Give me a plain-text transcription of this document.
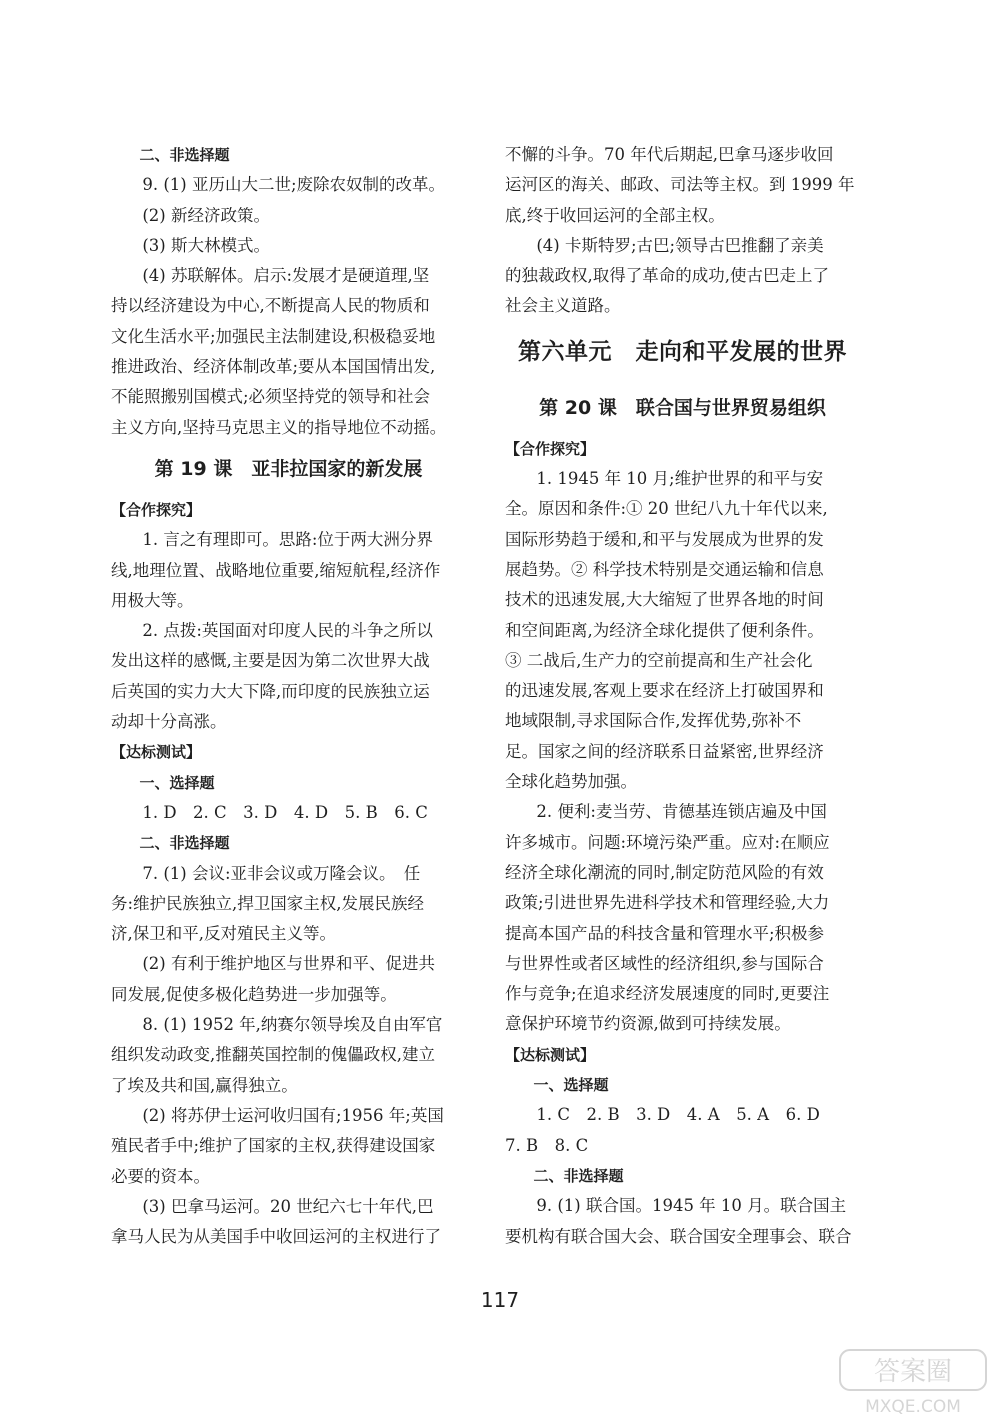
二、非选择题
9. (1) 亚历山大二世;废除农奴制的改革。
(2) 新经济政策。
(3) 斯大林模式。
(4) 苏联解体。启示:发展才是硬道理,坚
持以经济建设为中心,不断提高人民的物质和
文化生活水平;加强民主法制建设,积极稳妥地
推进政治、经济体制改革;要从本国国情出发,
不能照搬别国模式;必须坚持党的领导和社会
主义方向,坚持马克思主义的指导地位不动摇。
第 19 课　亚非拉国家的新发展
【合作探究】
1. 言之有理即可。思路:位于两大洲分界
线,地理位置、战略地位重要,缩短航程,经济作
用极大等。
2. 点拨:英国面对印度人民的斗争之所以
发出这样的感慨,主要是因为第二次世界大战
后英国的实力大大下降,而印度的民族独立运
动却十分高涨。
【达标测试】
一、选择题
1. D　2. C　3. D　4. D　5. B　6. C
二、非选择题
7. (1) 会议:亚非会议或万隆会议。　任
务:维护民族独立,捍卫国家主权,发展民族经
济,保卫和平,反对殖民主义等。
(2) 有利于维护地区与世界和平、促进共
同发展,促使多极化趋势进一步加强等。
8. (1) 1952 年,纳赛尔领导埃及自由军官
组织发动政变,推翻英国控制的傀儡政权,建立
了埃及共和国,赢得独立。
(2) 将苏伊士运河收归国有;1956 年;英国
殖民者手中;维护了国家的主权,获得建设国家
必要的资本。
(3) 巴拿马运河。20 世纪六七十年代,巴
拿马人民为从美国手中收回运河的主权进行了
不懈的斗争。70 年代后期起,巴拿马逐步收回
运河区的海关、邮政、司法等主权。到 1999 年
底,终于收回运河的全部主权。
(4) 卡斯特罗;古巴;领导古巴推翻了亲美
的独裁政权,取得了革命的成功,使古巴走上了
社会主义道路。
第六单元　走向和平发展的世界
第 20 课　联合国与世界贸易组织
【合作探究】
1. 1945 年 10 月;维护世界的和平与安
全。原因和条件:① 20 世纪八九十年代以来,
国际形势趋于缓和,和平与发展成为世界的发
展趋势。② 科学技术特别是交通运输和信息
技术的迅速发展,大大缩短了世界各地的时间
和空间距离,为经济全球化提供了便利条件。
③ 二战后,生产力的空前提高和生产社会化
的迅速发展,客观上要求在经济上打破国界和
地域限制,寻求国际合作,发挥优势,弥补不
足。国家之间的经济联系日益紧密,世界经济
全球化趋势加强。
2. 便利:麦当劳、肯德基连锁店遍及中国
许多城市。问题:环境污染严重。应对:在顺应
经济全球化潮流的同时,制定防范风险的有效
政策;引进世界先进科学技术和管理经验,大力
提高本国产品的科技含量和管理水平;积极参
与世界性或者区域性的经济组织,参与国际合
作与竞争;在追求经济发展速度的同时,更要注
意保护环境节约资源,做到可持续发展。
【达标测试】
一、选择题
1. C　2. B　3. D　4. A　5. A　6. D
7. B　8. C
二、非选择题
9. (1) 联合国。1945 年 10 月。联合国主
要机构有联合国大会、联合国安全理事会、联合
117
答案圈
MXQE.COM
